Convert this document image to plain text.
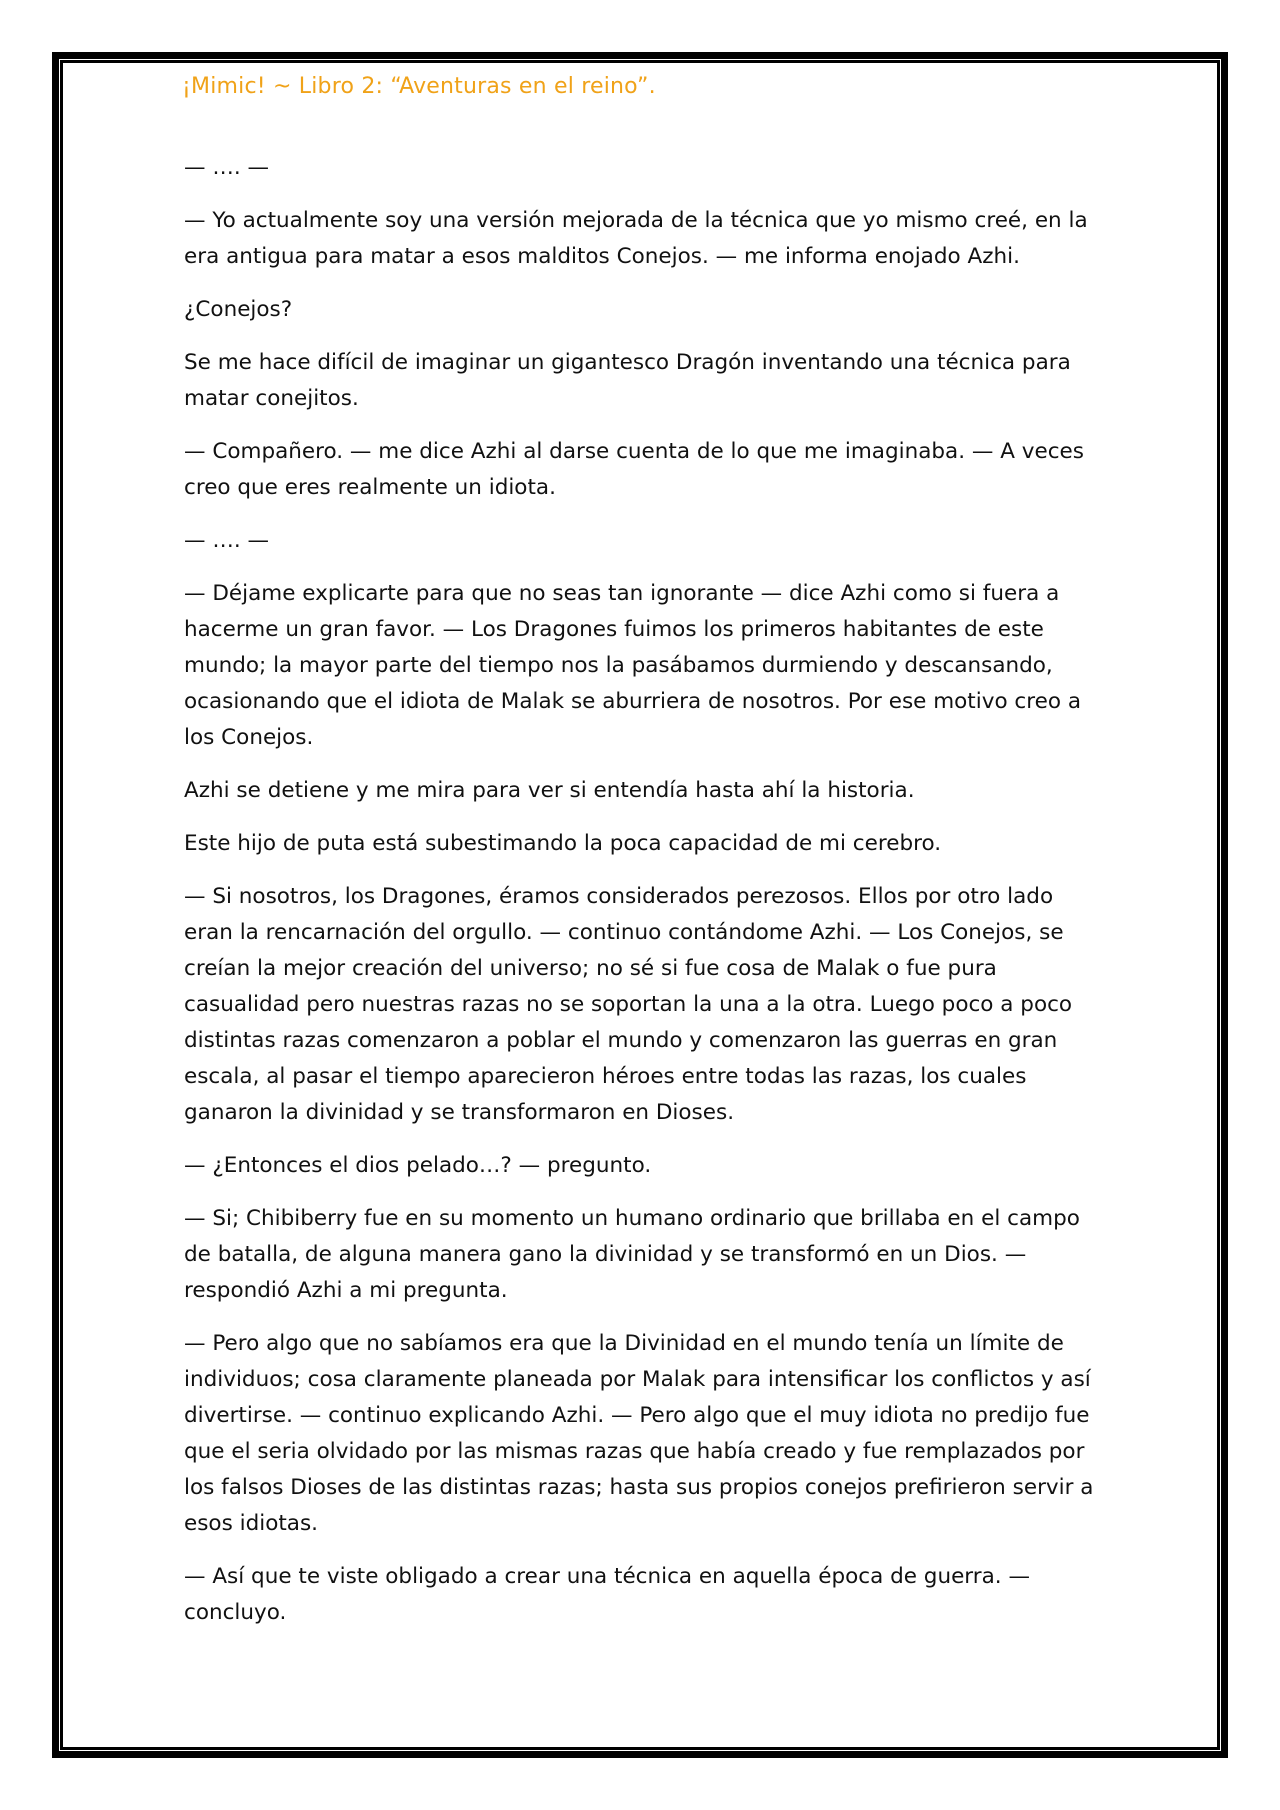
¡Mimic! ~ Libro 2: “Aventuras en el reino”.

— …. —

— Yo actualmente soy una versión mejorada de la técnica que yo mismo creé, en la era antigua para matar a esos malditos Conejos. — me informa enojado Azhi.

¿Conejos?

Se me hace difícil de imaginar un gigantesco Dragón inventando una técnica para matar conejitos.

— Compañero. — me dice Azhi al darse cuenta de lo que me imaginaba. — A veces creo que eres realmente un idiota.

— …. —

— Déjame explicarte para que no seas tan ignorante — dice Azhi como si fuera a hacerme un gran favor. — Los Dragones fuimos los primeros habitantes de este mundo; la mayor parte del tiempo nos la pasábamos durmiendo y descansando, ocasionando que el idiota de Malak se aburriera de nosotros. Por ese motivo creo a los Conejos.

Azhi se detiene y me mira para ver si entendía hasta ahí la historia.

Este hijo de puta está subestimando la poca capacidad de mi cerebro.

— Si nosotros, los Dragones, éramos considerados perezosos. Ellos por otro lado eran la rencarnación del orgullo. — continuo contándome Azhi. — Los Conejos, se creían la mejor creación del universo; no sé si fue cosa de Malak o fue pura casualidad pero nuestras razas no se soportan la una a la otra. Luego poco a poco distintas razas comenzaron a poblar el mundo y comenzaron las guerras en gran escala, al pasar el tiempo aparecieron héroes entre todas las razas, los cuales ganaron la divinidad y se transformaron en Dioses.

— ¿Entonces el dios pelado…? — pregunto.

— Si; Chibiberry fue en su momento un humano ordinario que brillaba en el campo de batalla, de alguna manera gano la divinidad y se transformó en un Dios. — respondió Azhi a mi pregunta.

— Pero algo que no sabíamos era que la Divinidad en el mundo tenía un límite de individuos; cosa claramente planeada por Malak para intensificar los conflictos y así divertirse. — continuo explicando Azhi. — Pero algo que el muy idiota no predijo fue que el seria olvidado por las mismas razas que había creado y fue remplazados por los falsos Dioses de las distintas razas; hasta sus propios conejos prefirieron servir a esos idiotas.

— Así que te viste obligado a crear una técnica en aquella época de guerra. — concluyo.
